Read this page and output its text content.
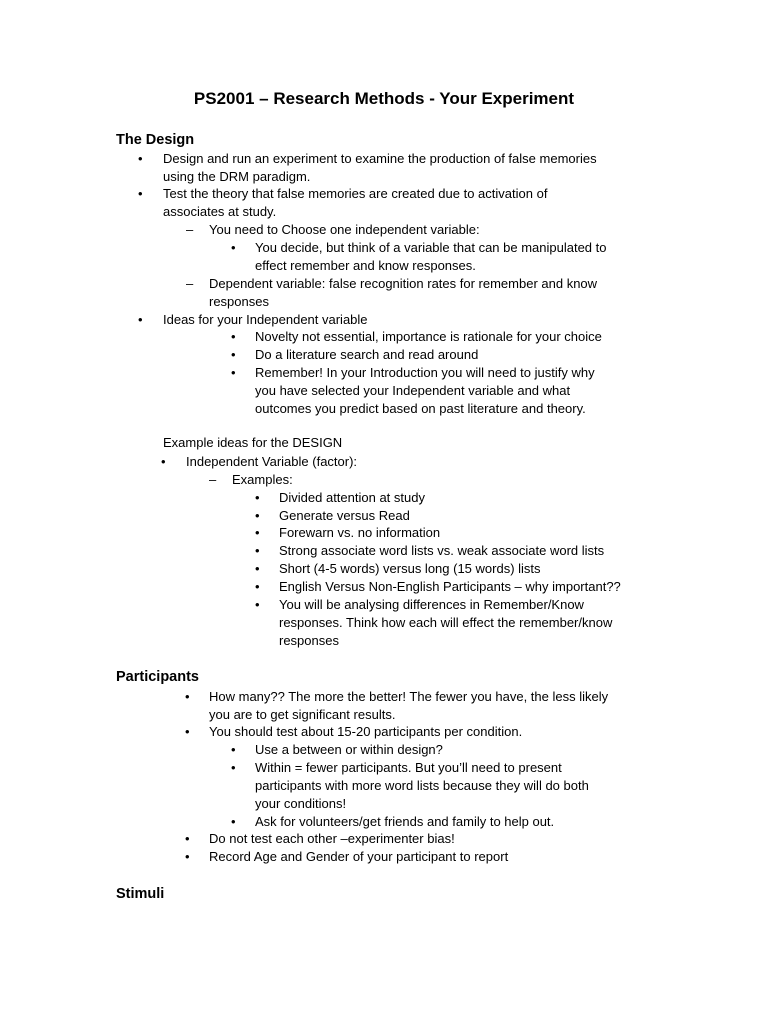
PS2001 – Research Methods - Your Experiment
The Design
• Design and run an experiment to examine the production of false memories
using the DRM paradigm.
• Test the theory that false memories are created due to activation of
associates at study.
– You need to Choose one independent variable:
• You decide, but think of a variable that can be manipulated to
effect remember and know responses.
– Dependent variable: false recognition rates for remember and know
responses
• Ideas for your Independent variable
• Novelty not essential, importance is rationale for your choice
• Do a literature search and read around
• Remember! In your Introduction you will need to justify why
you have selected your Independent variable and what
outcomes you predict based on past literature and theory.
Example ideas for the DESIGN
• Independent Variable (factor):
– Examples:
• Divided attention at study
• Generate versus Read
• Forewarn vs. no information
• Strong associate word lists vs. weak associate word lists
• Short (4-5 words) versus long (15 words) lists
• English Versus Non-English Participants – why important??
• You will be analysing differences in Remember/Know
responses. Think how each will effect the remember/know
responses
Participants
• How many?? The more the better! The fewer you have, the less likely
you are to get significant results.
• You should test about 15-20 participants per condition.
• Use a between or within design?
• Within = fewer participants. But you’ll need to present
participants with more word lists because they will do both
your conditions!
• Ask for volunteers/get friends and family to help out.
• Do not test each other –experimenter bias!
• Record Age and Gender of your participant to report
Stimuli
